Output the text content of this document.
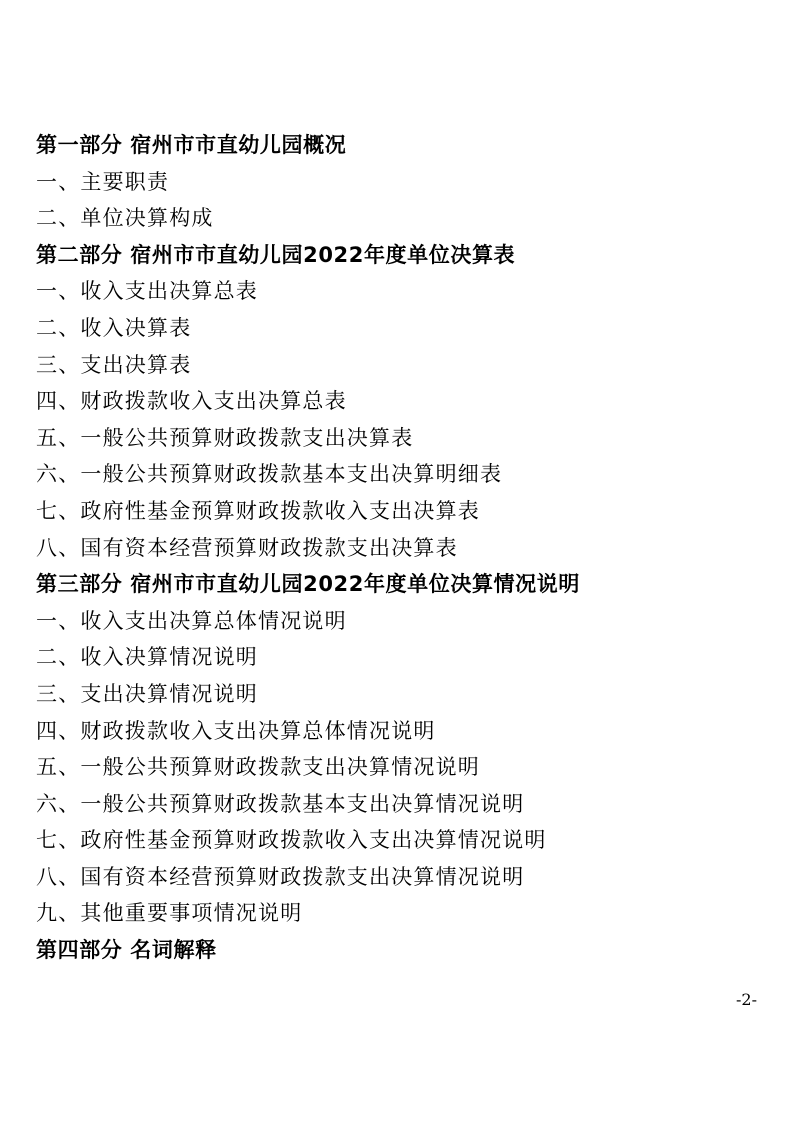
第一部分 宿州市市直幼儿园概况
一、主要职责
二、单位决算构成
第二部分 宿州市市直幼儿园2022年度单位决算表
一、收入支出决算总表
二、收入决算表
三、支出决算表
四、财政拨款收入支出决算总表
五、一般公共预算财政拨款支出决算表
六、一般公共预算财政拨款基本支出决算明细表
七、政府性基金预算财政拨款收入支出决算表
八、国有资本经营预算财政拨款支出决算表
第三部分 宿州市市直幼儿园2022年度单位决算情况说明
一、收入支出决算总体情况说明
二、收入决算情况说明
三、支出决算情况说明
四、财政拨款收入支出决算总体情况说明
五、一般公共预算财政拨款支出决算情况说明
六、一般公共预算财政拨款基本支出决算情况说明
七、政府性基金预算财政拨款收入支出决算情况说明
八、国有资本经营预算财政拨款支出决算情况说明
九、其他重要事项情况说明
第四部分 名词解释
-2-
